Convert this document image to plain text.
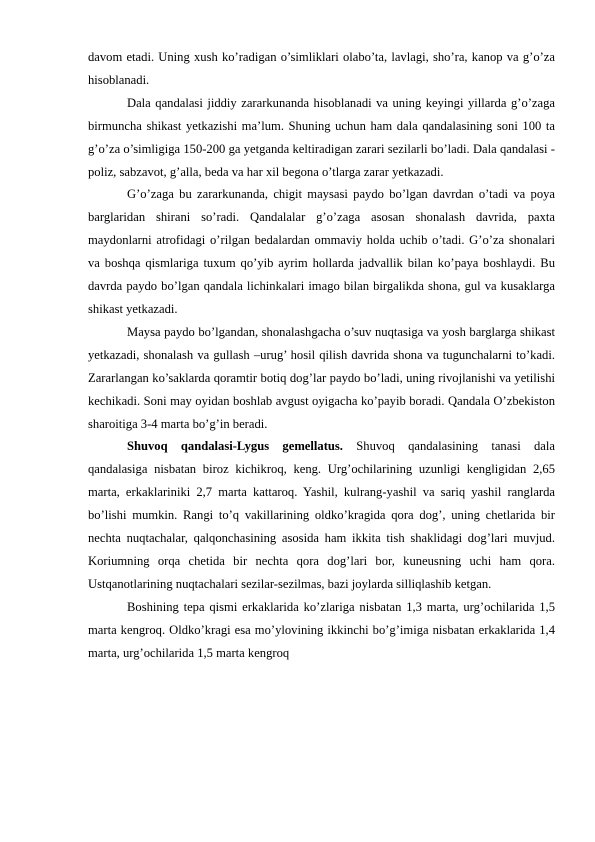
davom etadi. Uning xush ko’radigan o’simliklari olabo’ta, lavlagi, sho’ra, kanop va g’o’za hisoblanadi.

Dala qandalasi jiddiy zararkunanda hisoblanadi va uning keyingi yillarda g’o’zaga birmuncha shikast yetkazishi ma’lum. Shuning uchun ham dala qandalasining soni 100 ta g’o’za o’simligiga 150-200 ga yetganda keltiradigan zarari sezilarli bo’ladi. Dala qandalasi - poliz, sabzavot, g’alla, beda va har xil begona o’tlarga zarar yetkazadi.

G’o’zaga bu zararkunanda, chigit maysasi paydo bo’lgan davrdan o’tadi va poya barglaridan shirani so’radi. Qandalalar g’o’zaga asosan shonalash davrida, paxta maydonlarni atrofidagi o’rilgan bedalardan ommaviy holda uchib o’tadi. G’o’za shonalari va boshqa qismlariga tuxum qo’yib ayrim hollarda jadvallik bilan ko’paya boshlaydi. Bu davrda paydo bo’lgan qandala lichinkalari imago bilan birgalikda shona, gul va kusaklarga shikast yetkazadi.

Maysa paydo bo’lgandan, shonalashgacha o’suv nuqtasiga va yosh barglarga shikast yetkazadi, shonalash va gullash –urug’ hosil qilish davrida shona va tugunchalarni to’kadi. Zararlangan ko’saklarda qoramtir botiq dog’lar paydo bo’ladi, uning rivojlanishi va yetilishi kechikadi. Soni may oyidan boshlab avgust oyigacha ko’payib boradi. Qandala O’zbekiston sharoitiga 3-4 marta bo’g’in beradi.

Shuvoq qandalasi-Lygus gemellatus. Shuvoq qandalasining tanasi dala qandalasiga nisbatan biroz kichikroq, keng. Urg’ochilarining uzunligi kengligidan 2,65 marta, erkaklariniki 2,7 marta kattaroq. Yashil, kulrang-yashil va sariq yashil ranglarda bo’lishi mumkin. Rangi to’q vakillarining oldko’kragida qora dog’, uning chetlarida bir nechta nuqtachalar, qalqonchasining asosida ham ikkita tish shaklidagi dog’lari muvjud. Koriumning orqa chetida bir nechta qora dog’lari bor, kuneusning uchi ham qora. Ustqanotlarining nuqtachalari sezilar-sezilmas, bazi joylarda silliqlashib ketgan.

Boshining tepa qismi erkaklarida ko’zlariga nisbatan 1,3 marta, urg’ochilarida 1,5 marta kengroq. Oldko’kragi esa mo’ylovining ikkinchi bo’g’imiga nisbatan erkaklarida 1,4 marta, urg’ochilarida 1,5 marta kengroq
